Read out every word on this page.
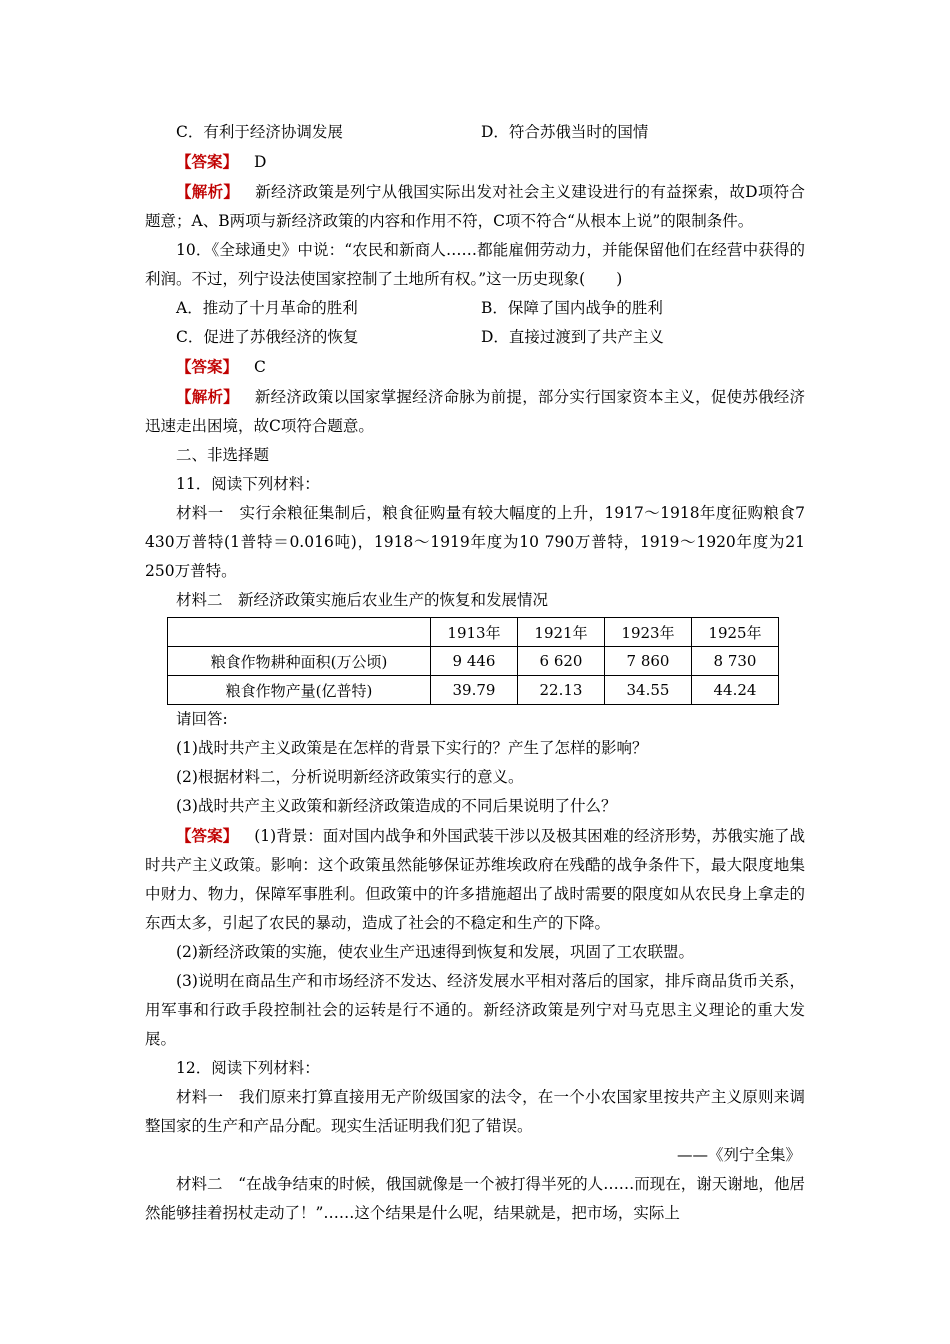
C．有利于经济协调发展	D．符合苏俄当时的国情
【答案】 D
【解析】 新经济政策是列宁从俄国实际出发对社会主义建设进行的有益探索，故D项符合题意；A、B两项与新经济政策的内容和作用不符，C项不符合“从根本上说”的限制条件。
10．《全球通史》中说：“农民和新商人……都能雇佣劳动力，并能保留他们在经营中获得的利润。不过，列宁设法使国家控制了土地所有权。”这一历史现象(　　)
A．推动了十月革命的胜利	B．保障了国内战争的胜利
C．促进了苏俄经济的恢复	D．直接过渡到了共产主义
【答案】 C
【解析】 新经济政策以国家掌握经济命脉为前提，部分实行国家资本主义，促使苏俄经济迅速走出困境，故C项符合题意。
二、非选择题
11．阅读下列材料：
材料一　实行余粮征集制后，粮食征购量有较大幅度的上升，1917～1918年度征购粮食7 430万普特(1普特＝0.016吨)，1918～1919年度为10 790万普特，1919～1920年度为21 250万普特。
材料二　新经济政策实施后农业生产的恢复和发展情况
	1913年	1921年	1923年	1925年
粮食作物耕种面积(万公顷)	9 446	6 620	7 860	8 730
粮食作物产量(亿普特)	39.79	22.13	34.55	44.24
请回答:
(1)战时共产主义政策是在怎样的背景下实行的？产生了怎样的影响？
(2)根据材料二，分析说明新经济政策实行的意义。
(3)战时共产主义政策和新经济政策造成的不同后果说明了什么？
【答案】 (1)背景：面对国内战争和外国武装干涉以及极其困难的经济形势，苏俄实施了战时共产主义政策。影响：这个政策虽然能够保证苏维埃政府在残酷的战争条件下，最大限度地集中财力、物力，保障军事胜利。但政策中的许多措施超出了战时需要的限度如从农民身上拿走的东西太多，引起了农民的暴动，造成了社会的不稳定和生产的下降。
(2)新经济政策的实施，使农业生产迅速得到恢复和发展，巩固了工农联盟。
(3)说明在商品生产和市场经济不发达、经济发展水平相对落后的国家，排斥商品货币关系，用军事和行政手段控制社会的运转是行不通的。新经济政策是列宁对马克思主义理论的重大发展。
12．阅读下列材料：
材料一　我们原来打算直接用无产阶级国家的法令，在一个小农国家里按共产主义原则来调整国家的生产和产品分配。现实生活证明我们犯了错误。
——《列宁全集》
材料二　“在战争结束的时候，俄国就像是一个被打得半死的人……而现在，谢天谢地，他居然能够挂着拐杖走动了！”……这个结果是什么呢，结果就是，把市场，实际上
